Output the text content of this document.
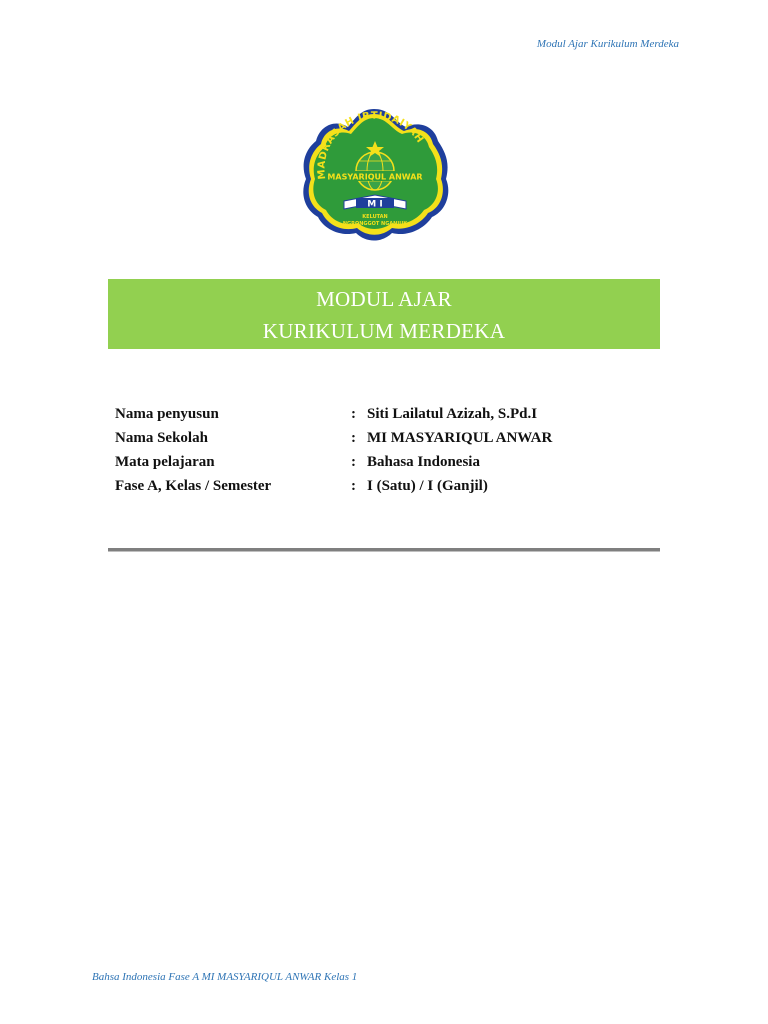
Modul Ajar Kurikulum Merdeka
MADRASAH IBTIDAIYAH
MASYARIQUL ANWAR
M I
KELUTAN
NGRONGGOT NGANJUK
MODUL AJAR
KURIKULUM MERDEKA
Nama penyusun	: Siti Lailatul Azizah, S.Pd.I
Nama Sekolah	: MI MASYARIQUL ANWAR
Mata pelajaran	: Bahasa Indonesia
Fase A, Kelas / Semester	: I (Satu) / I (Ganjil)
Bahsa Indonesia Fase A MI MASYARIQUL ANWAR Kelas 1
